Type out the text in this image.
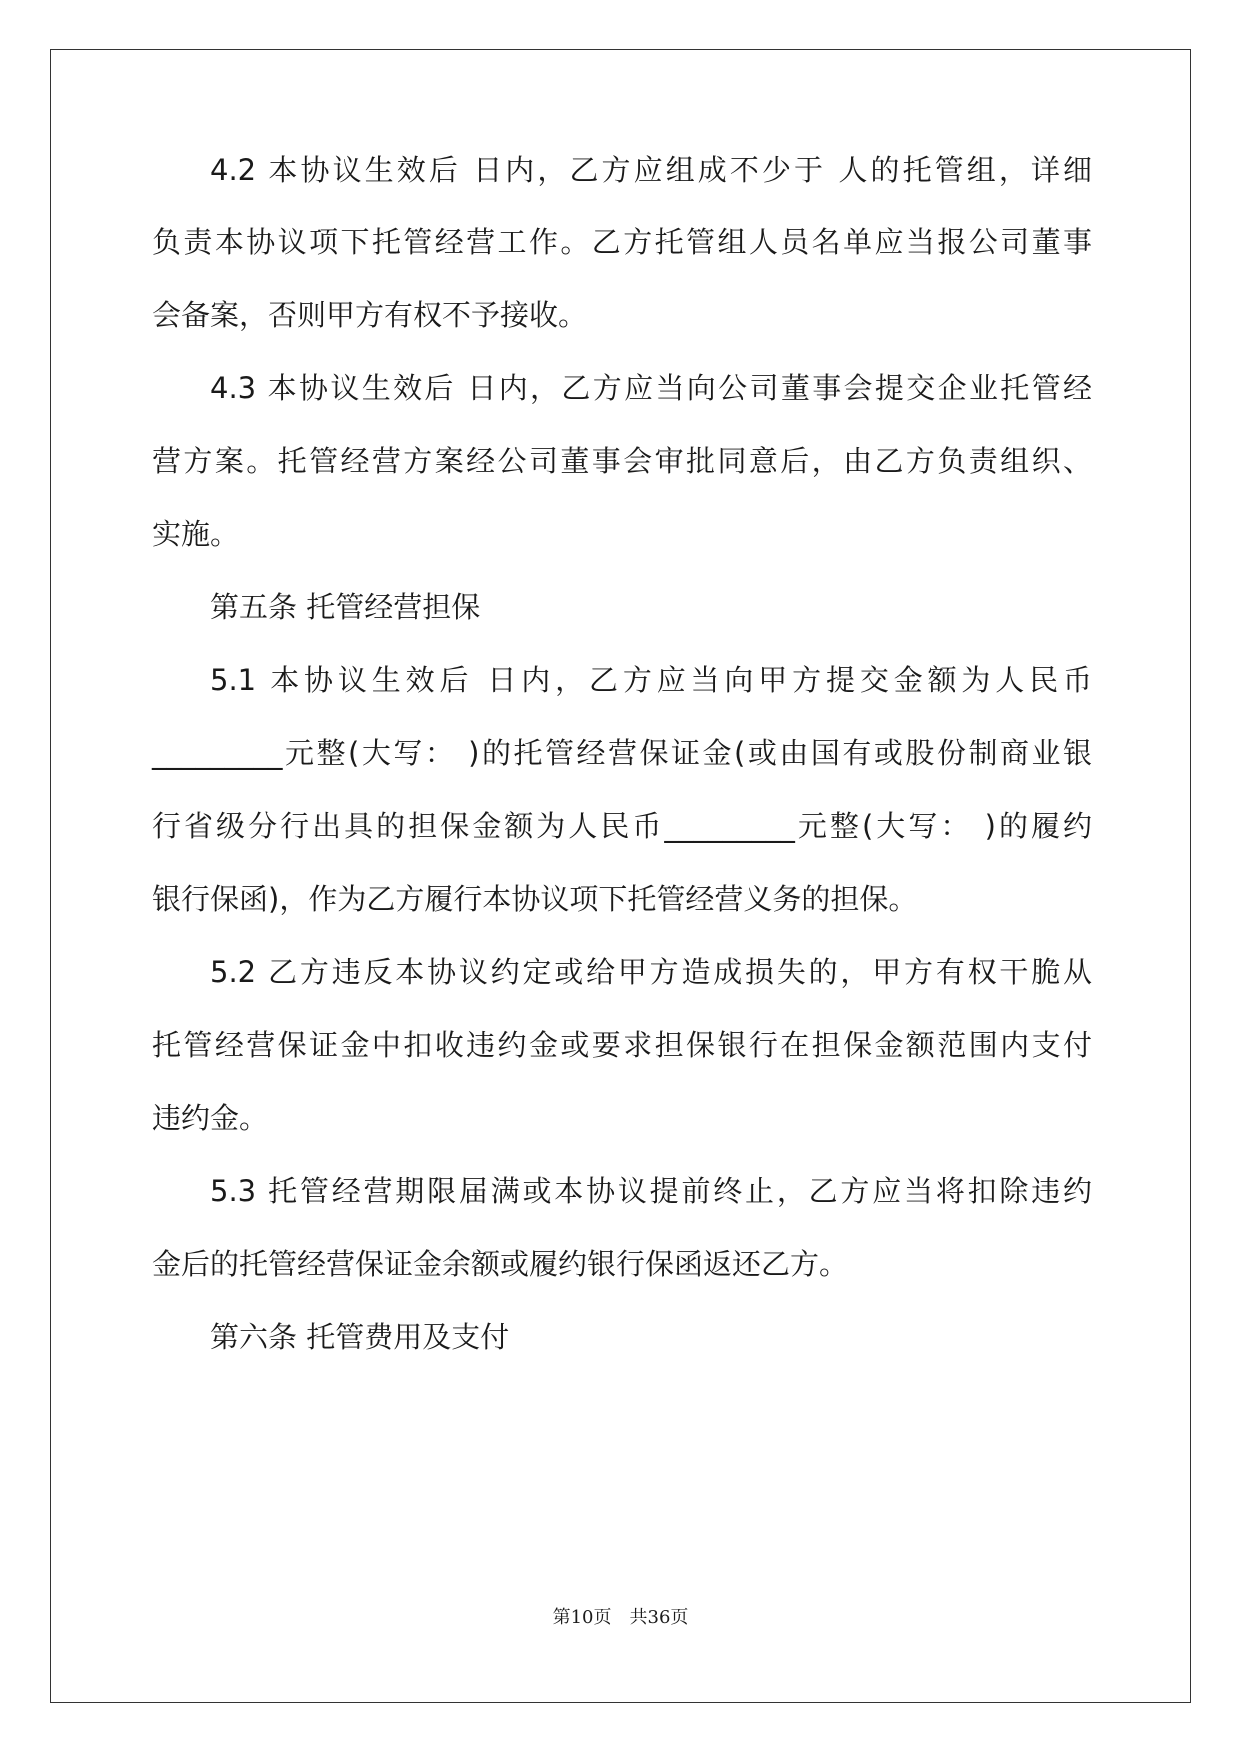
4.2 本协议生效后 日内，乙方应组成不少于 人的托管组，详细
负责本协议项下托管经营工作。乙方托管组人员名单应当报公司董事
会备案，否则甲方有权不予接收。
4.3 本协议生效后 日内，乙方应当向公司董事会提交企业托管经
营方案。托管经营方案经公司董事会审批同意后，由乙方负责组织、
实施。
第五条 托管经营担保
5.1 本协议生效后 日内，乙方应当向甲方提交金额为人民币
_________元整(大写： )的托管经营保证金(或由国有或股份制商业银
行省级分行出具的担保金额为人民币_________元整(大写： )的履约
银行保函)，作为乙方履行本协议项下托管经营义务的担保。
5.2 乙方违反本协议约定或给甲方造成损失的，甲方有权干脆从
托管经营保证金中扣收违约金或要求担保银行在担保金额范围内支付
违约金。
5.3 托管经营期限届满或本协议提前终止，乙方应当将扣除违约
金后的托管经营保证金余额或履约银行保函返还乙方。
第六条 托管费用及支付
第10页　共36页
